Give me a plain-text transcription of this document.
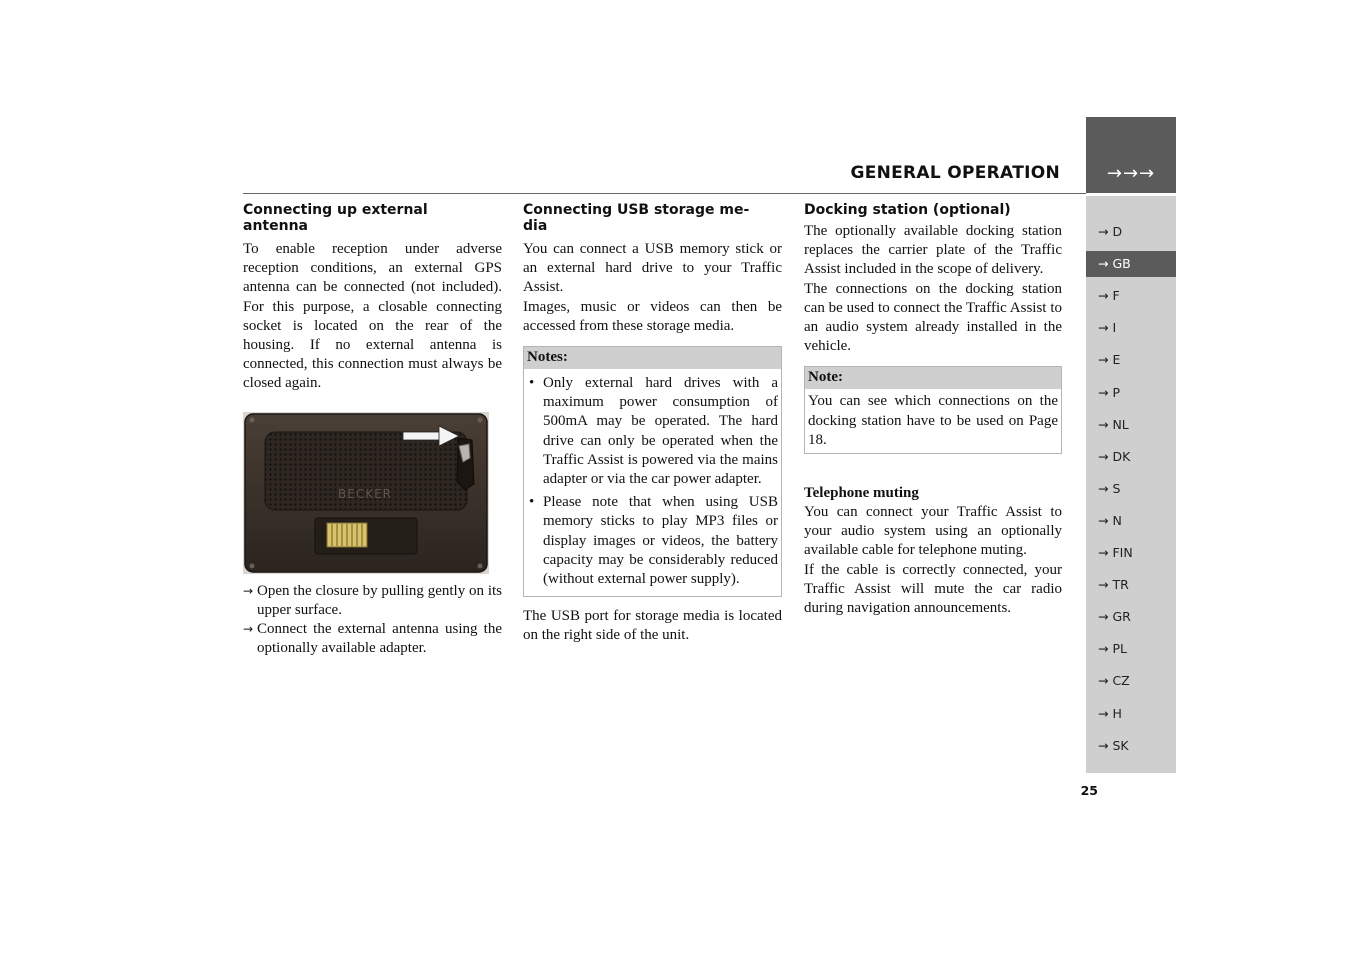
GENERAL OPERATION	→→→
→ D
→ GB
→ F
→ I
→ E
→ P
→ NL
→ DK
→ S
→ N
→ FIN
→ TR
→ GR
→ PL
→ CZ
→ H
→ SK
25
Connecting up external
antenna

To enable reception under adverse reception conditions, an external GPS antenna can be connected (not included). For this purpose, a closable connecting socket is located on the rear of the housing. If no external antenna is connected, this connection must always be closed again.

BECKER
→ Open the closure by pulling gently on its upper surface.
→ Connect the external antenna using the optionally available adapter.
Connecting USB storage me-
dia

You can connect a USB memory stick or an external hard drive to your Traffic Assist.

Images, music or videos can then be accessed from these storage media.

Notes:
• Only external hard drives with a maximum power consumption of 500mA may be operated. The hard drive can only be operated when the Traffic Assist is powered via the mains adapter or via the car power adapter.
• Please note that when using USB memory sticks to play MP3 files or display images or videos, the battery capacity may be considerably reduced (without external power supply).

The USB port for storage media is located on the right side of the unit.

Docking station (optional)

The optionally available docking station replaces the carrier plate of the Traffic Assist included in the scope of delivery.

The connections on the docking station can be used to connect the Traffic Assist to an audio system already installed in the vehicle.

Note:

You can see which connections on the docking station have to be used on Page 18.

Telephone muting

You can connect your Traffic Assist to your audio system using an optionally available cable for telephone muting.

If the cable is correctly connected, your Traffic Assist will mute the car radio during navigation announcements.
